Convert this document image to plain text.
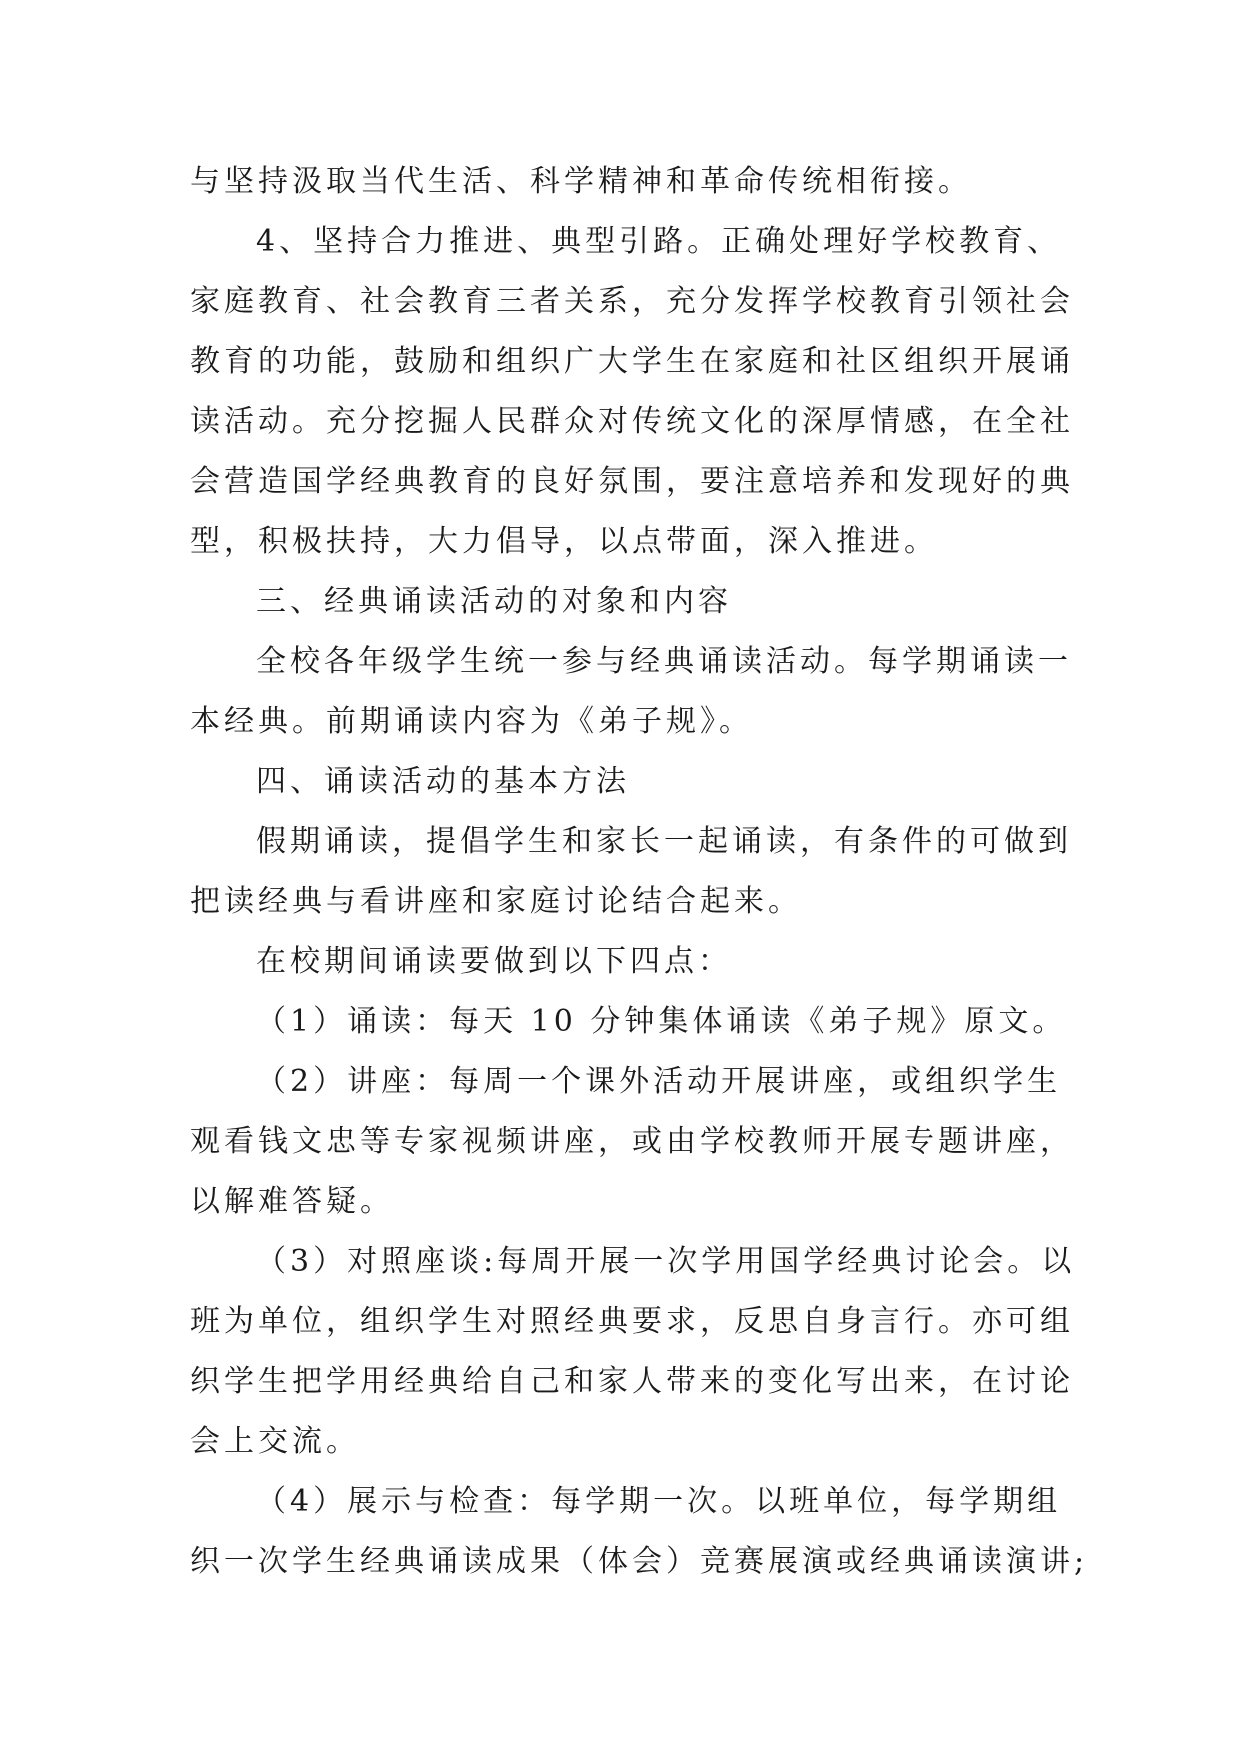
与坚持汲取当代生活、科学精神和革命传统相衔接。
4、坚持合力推进、典型引路。正确处理好学校教育、
家庭教育、社会教育三者关系，充分发挥学校教育引领社会
教育的功能，鼓励和组织广大学生在家庭和社区组织开展诵
读活动。充分挖掘人民群众对传统文化的深厚情感，在全社
会营造国学经典教育的良好氛围，要注意培养和发现好的典
型，积极扶持，大力倡导，以点带面，深入推进。
三、经典诵读活动的对象和内容
全校各年级学生统一参与经典诵读活动。每学期诵读一
本经典。前期诵读内容为《弟子规》。
四、诵读活动的基本方法
假期诵读，提倡学生和家长一起诵读，有条件的可做到
把读经典与看讲座和家庭讨论结合起来。
在校期间诵读要做到以下四点：
（1）诵读：每天 10 分钟集体诵读《弟子规》原文。
（2）讲座：每周一个课外活动开展讲座，或组织学生
观看钱文忠等专家视频讲座，或由学校教师开展专题讲座，
以解难答疑。
（3）对照座谈:每周开展一次学用国学经典讨论会。以
班为单位，组织学生对照经典要求，反思自身言行。亦可组
织学生把学用经典给自己和家人带来的变化写出来，在讨论
会上交流。
（4）展示与检查：每学期一次。以班单位，每学期组
织一次学生经典诵读成果（体会）竞赛展演或经典诵读演讲;
